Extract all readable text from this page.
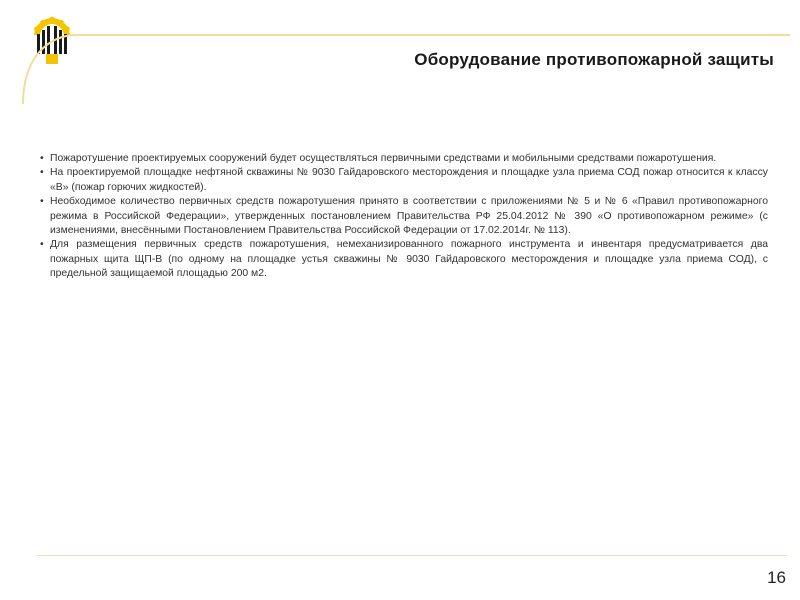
Оборудование противопожарной защиты

• Пожаротушение проектируемых сооружений будет осуществляться первичными средствами и мобильными средствами пожаротушения.

• На проектируемой площадке нефтяной скважины № 9030 Гайдаровского месторождения и площадке узла приема СОД пожар относится к классу «В» (пожар горючих жидкостей).

• Необходимое количество первичных средств пожаротушения принято в соответствии с приложениями № 5 и № 6 «Правил противопожарного режима в Российской Федерации», утвержденных постановлением Правительства РФ 25.04.2012 № 390 «О противопожарном режиме» (с изменениями, внесёнными Постановлением Правительства Российской Федерации от 17.02.2014г. № 113).

• Для размещения первичных средств пожаротушения, немеханизированного пожарного инструмента и инвентаря предусматривается два пожарных щита ЩП-В (по одному на площадке устья скважины № 9030 Гайдаровского месторождения и площадке узла приема СОД), с предельной защищаемой площадью 200 м2.

16
